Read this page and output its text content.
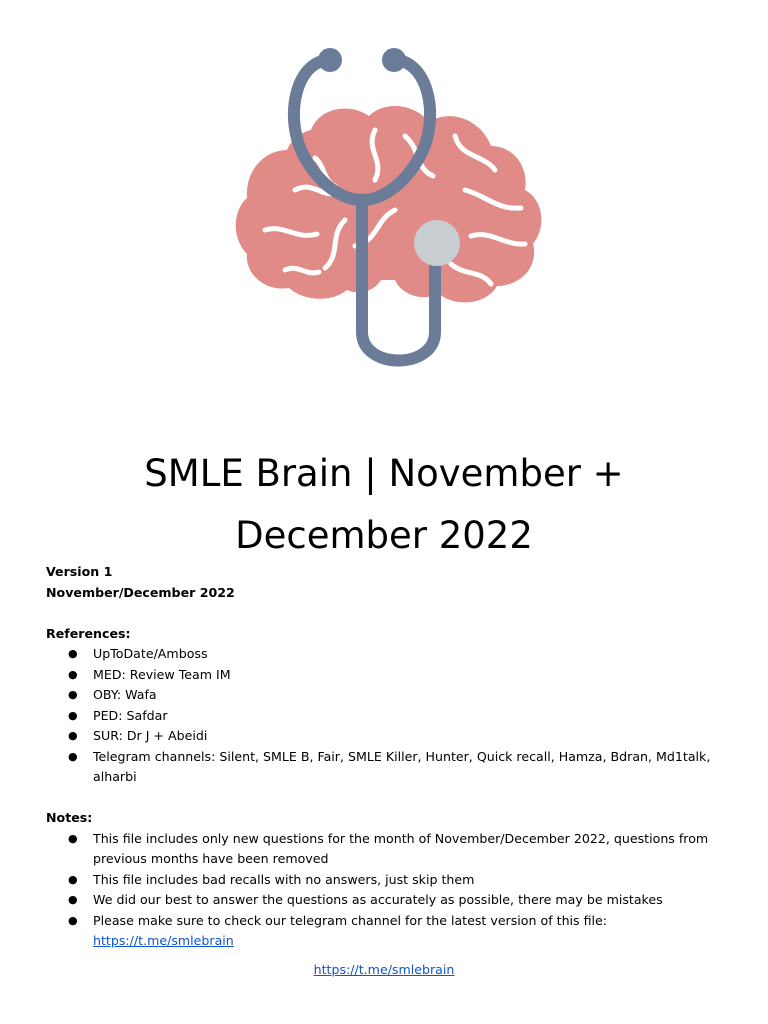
SMLE Brain | November +
December 2022
Version 1
November/December 2022
References:
● UpToDate/Amboss
● MED: Review Team IM
● OBY: Wafa
● PED: Safdar
● SUR: Dr J + Abeidi
● Telegram channels: Silent, SMLE B, Fair, SMLE Killer, Hunter, Quick recall, Hamza, Bdran, Md1talk, alharbi
Notes:
● This file includes only new questions for the month of November/December 2022, questions from previous months have been removed
● This file includes bad recalls with no answers, just skip them
● We did our best to answer the questions as accurately as possible, there may be mistakes
● Please make sure to check our telegram channel for the latest version of this file:
https://t.me/smlebrain
https://t.me/smlebrain
